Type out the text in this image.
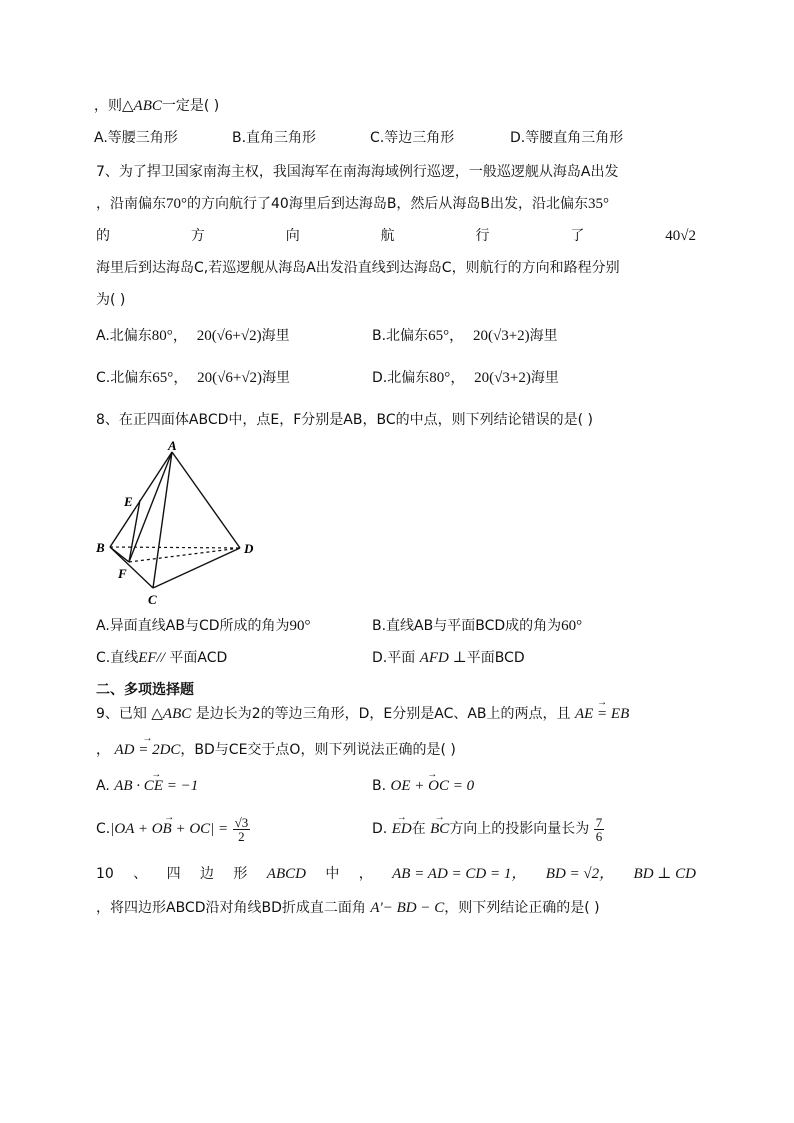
，则△ABC一定是( )
A.等腰三角形	B.直角三角形	C.等边三角形	D.等腰直角三角形
7、为了捍卫国家南海主权，我国海军在南海海域例行巡逻，一般巡逻舰从海岛A出发
，沿南偏东70°的方向航行了40海里后到达海岛B，然后从海岛B出发，沿北偏东35°
的	方	向	航	行	了	40√2
海里后到达海岛C,若巡逻舰从海岛A出发沿直线到达海岛C，则航行的方向和路程分别
为( )
A.北偏东80°， 20(√6+√2)海里	B.北偏东65°， 20(√3+2)海里
C.北偏东65°， 20(√6+√2)海里	D.北偏东80°， 20(√3+2)海里
8、在正四面体ABCD中，点E，F分别是AB，BC的中点，则下列结论错误的是( )
A
B
C
D
E
F
A.异面直线AB与CD所成的角为90°	B.直线AB与平面BCD成的角为60°
C.直线EF// 平面ACD	D.平面 AFD ⊥平面BCD
二、多项选择题
9、已知 △ABC 是边长为2的等边三角形，D，E分别是AC、AB上的两点，且 → AE = EB
， → AD = 2DC，BD与CE交于点O，则下列说法正确的是( )
A. → AB · CE = −1	B. → OE + OC = 0
C.→ |OA + OB + $OC| = \frac{√3}{2}$	D. → ED在 → BC方向上的投影向量长为 $\frac{7}{6}$
10 、 四 边 形 ABCD 中 ， AB = AD = CD = 1， BD = √2， BD ⊥ CD
，将四边形ABCD沿对角线BD折成直二面角 A'− BD − C，则下列结论正确的是( )
